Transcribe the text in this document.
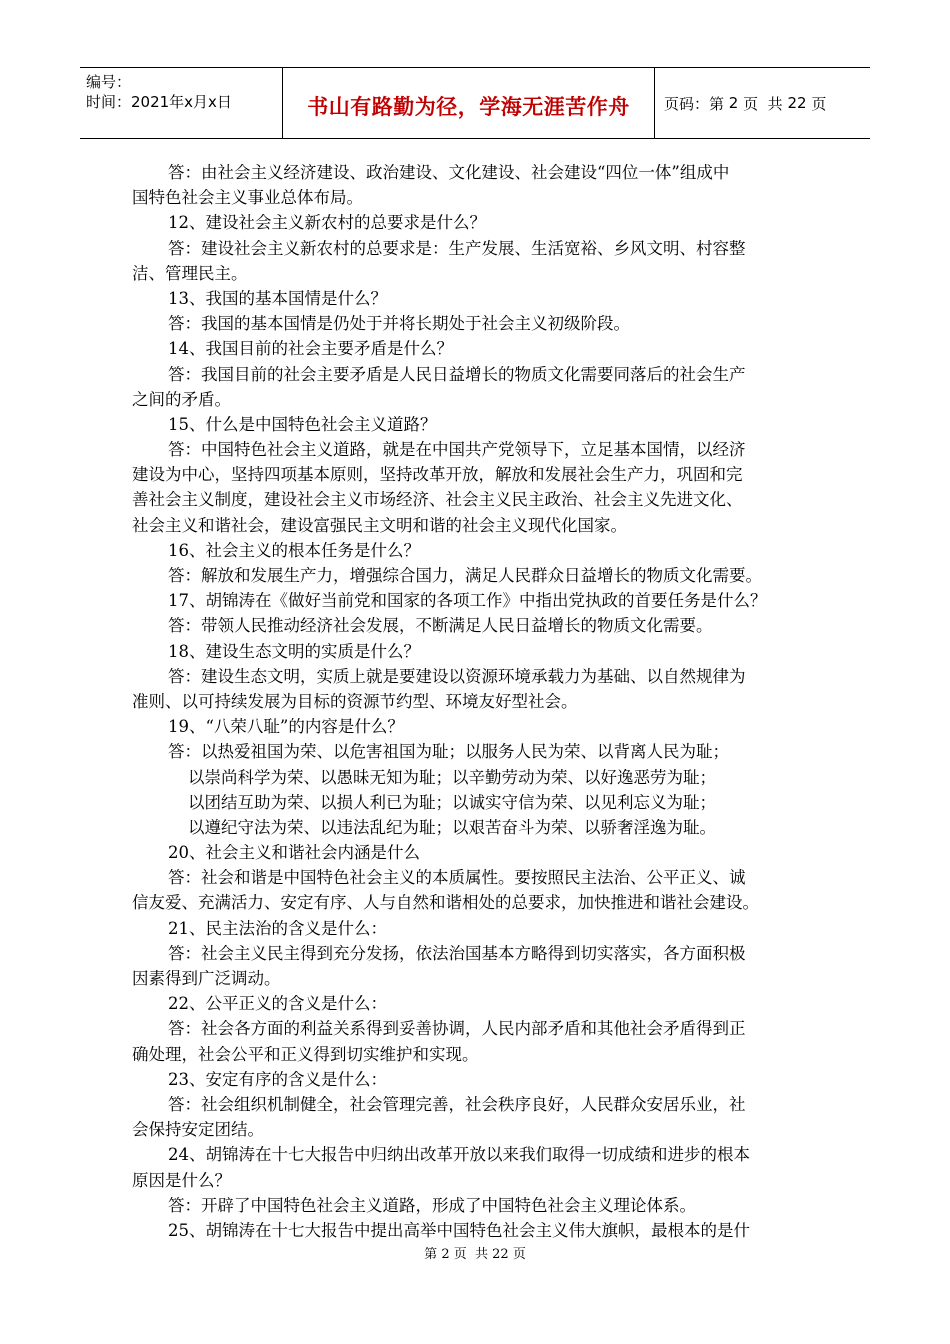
编号：
时间：2021年x月x日	书山有路勤为径，学海无涯苦作舟 页码：第
2
页  共
22
页
答：由社会主义经济建设、政治建设、文化建设、社会建设“四位一体”组成中
国特色社会主义事业总体布局。
12、建设社会主义新农村的总要求是什么？
答：建设社会主义新农村的总要求是：生产发展、生活宽裕、乡风文明、村容整
洁、管理民主。
13、我国的基本国情是什么？
答：我国的基本国情是仍处于并将长期处于社会主义初级阶段。
14、我国目前的社会主要矛盾是什么？
答：我国目前的社会主要矛盾是人民日益增长的物质文化需要同落后的社会生产
之间的矛盾。
15、什么是中国特色社会主义道路？
答：中国特色社会主义道路，就是在中国共产党领导下，立足基本国情，以经济
建设为中心，坚持四项基本原则，坚持改革开放，解放和发展社会生产力，巩固和完
善社会主义制度，建设社会主义市场经济、社会主义民主政治、社会主义先进文化、
社会主义和谐社会，建设富强民主文明和谐的社会主义现代化国家。
16、社会主义的根本任务是什么？
答：解放和发展生产力，增强综合国力，满足人民群众日益增长的物质文化需要。
17、胡锦涛在《做好当前党和国家的各项工作》中指出党执政的首要任务是什么？
答：带领人民推动经济社会发展，不断满足人民日益增长的物质文化需要。
18、建设生态文明的实质是什么？
答：建设生态文明，实质上就是要建设以资源环境承载力为基础、以自然规律为
准则、以可持续发展为目标的资源节约型、环境友好型社会。
19、“八荣八耻”的内容是什么？
答：以热爱祖国为荣、以危害祖国为耻；以服务人民为荣、以背离人民为耻；
以崇尚科学为荣、以愚昧无知为耻；以辛勤劳动为荣、以好逸恶劳为耻；
以团结互助为荣、以损人利已为耻；以诚实守信为荣、以见利忘义为耻；
以遵纪守法为荣、以违法乱纪为耻；以艰苦奋斗为荣、以骄奢淫逸为耻。
20、社会主义和谐社会内涵是什么
答：社会和谐是中国特色社会主义的本质属性。要按照民主法治、公平正义、诚
信友爱、充满活力、安定有序、人与自然和谐相处的总要求，加快推进和谐社会建设。
21、民主法治的含义是什么：
答：社会主义民主得到充分发扬，依法治国基本方略得到切实落实，各方面积极
因素得到广泛调动。
22、公平正义的含义是什么：
答：社会各方面的利益关系得到妥善协调，人民内部矛盾和其他社会矛盾得到正
确处理，社会公平和正义得到切实维护和实现。
23、安定有序的含义是什么：
答：社会组织机制健全，社会管理完善，社会秩序良好，人民群众安居乐业，社
会保持安定团结。
24、胡锦涛在十七大报告中归纳出改革开放以来我们取得一切成绩和进步的根本
原因是什么？
答：开辟了中国特色社会主义道路，形成了中国特色社会主义理论体系。
25、胡锦涛在十七大报告中提出高举中国特色社会主义伟大旗帜，最根本的是什
第 2 页  共 22 页
